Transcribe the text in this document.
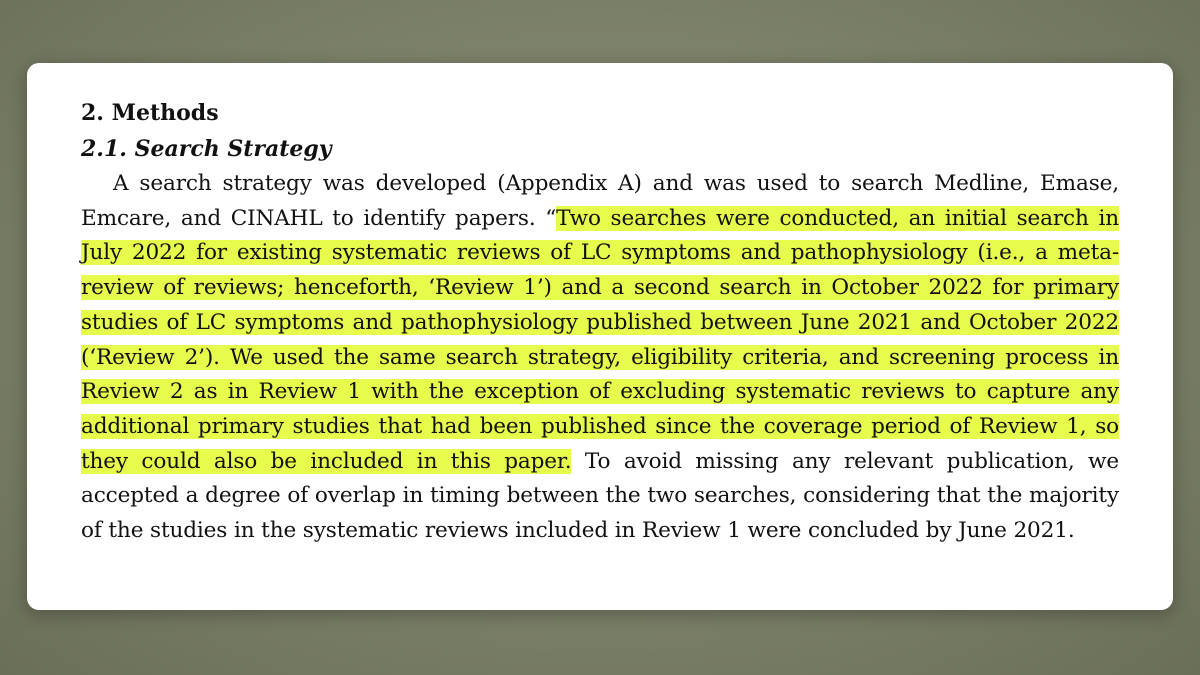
2. Methods
2.1. Search Strategy

A search strategy was developed (Appendix A) and was used to search Medline, Emase, Emcare, and CINAHL to identify papers. “Two searches were conducted, an initial search in July 2022 for existing systematic reviews of LC symptoms and pathophysiology (i.e., a meta-review of reviews; henceforth, ‘Review 1’) and a second search in October 2022 for primary studies of LC symptoms and pathophysiology published between June 2021 and October 2022 (‘Review 2’). We used the same search strategy, eligibility criteria, and screening process in Review 2 as in Review 1 with the exception of excluding systematic reviews to capture any additional primary studies that had been published since the coverage period of Review 1, so they could also be included in this paper. To avoid missing any relevant publication, we accepted a degree of overlap in timing between the two searches, considering that the majority of the studies in the systematic reviews included in Review 1 were concluded by June 2021.
